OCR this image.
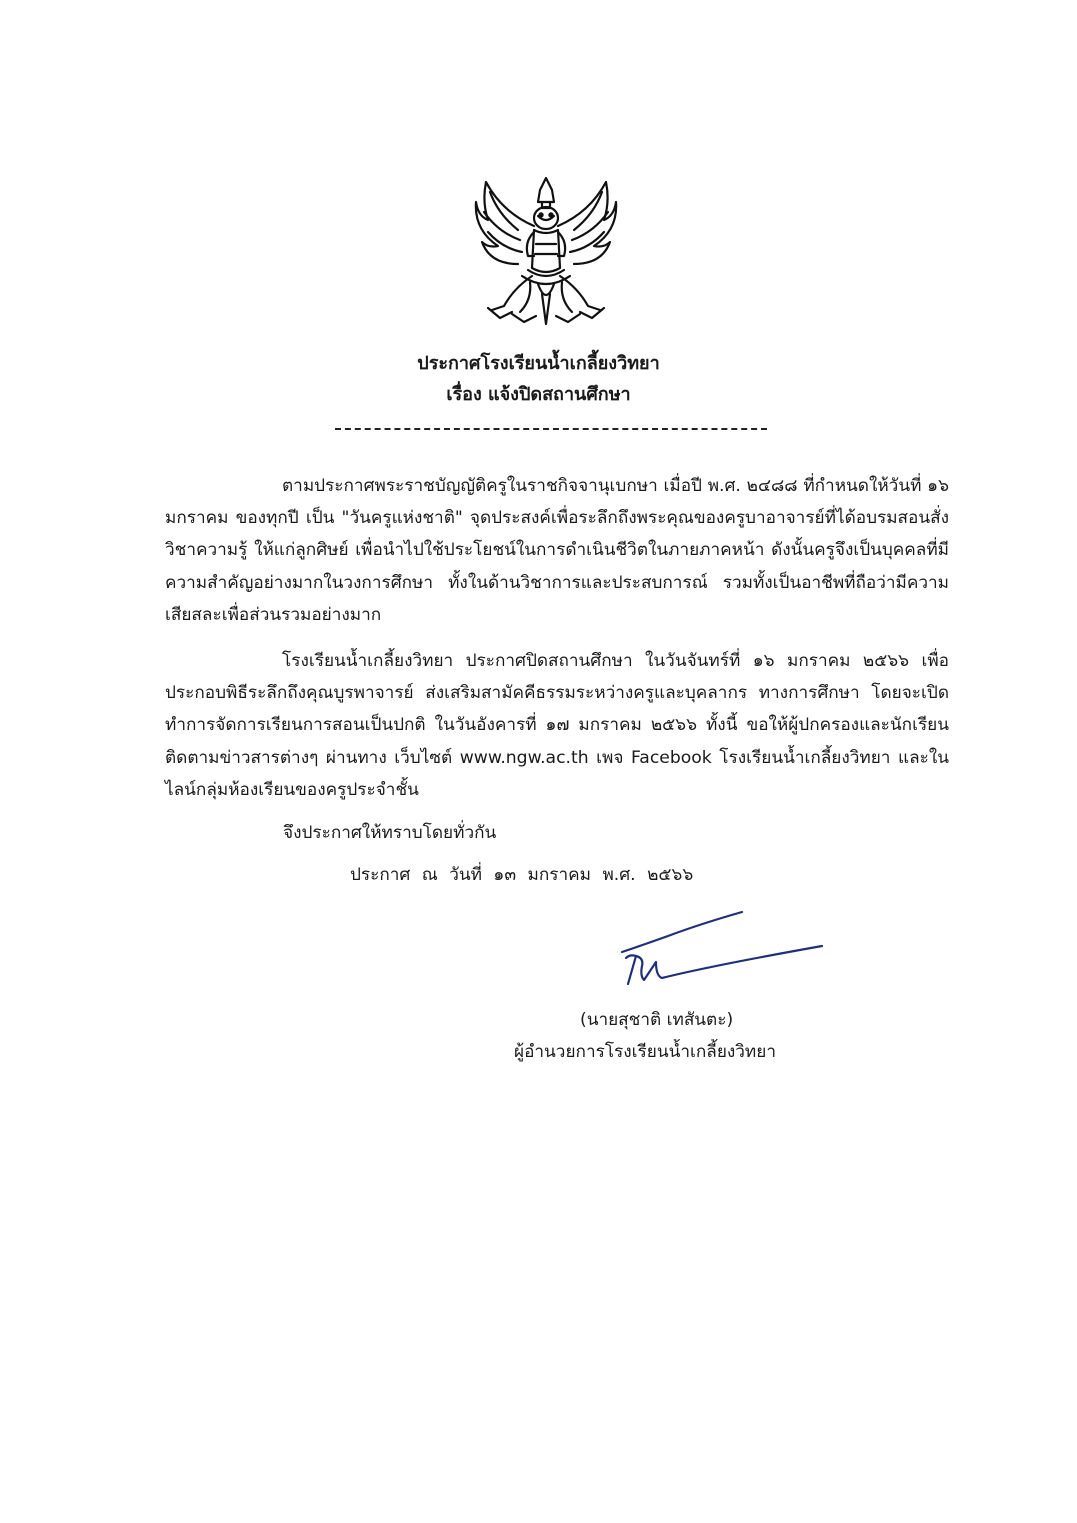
ประกาศโรงเรียนน้ำเกลี้ยงวิทยา
เรื่อง แจ้งปิดสถานศึกษา

ตามประกาศพระราชบัญญัติครูในราชกิจจานุเบกษา เมื่อปี พ.ศ. ๒๔๘๘ ที่กำหนดให้วันที่ ๑๖ มกราคม ของทุกปี เป็น "วันครูแห่งชาติ" จุดประสงค์เพื่อระลึกถึงพระคุณของครูบาอาจารย์ที่ได้อบรมสอนสั่ง วิชาความรู้ ให้แก่ลูกศิษย์ เพื่อนำไปใช้ประโยชน์ในการดำเนินชีวิตในภายภาคหน้า ดังนั้นครูจึงเป็นบุคคลที่มีความสำคัญอย่างมากในวงการศึกษา ทั้งในด้านวิชาการและประสบการณ์ รวมทั้งเป็นอาชีพที่ถือว่ามีความเสียสละเพื่อส่วนรวมอย่างมาก

โรงเรียนน้ำเกลี้ยงวิทยา ประกาศปิดสถานศึกษา ในวันจันทร์ที่ ๑๖ มกราคม ๒๕๖๖ เพื่อประกอบพิธีระลึกถึงคุณบูรพาจารย์ ส่งเสริมสามัคคีธรรมระหว่างครูและบุคลากร ทางการศึกษา โดยจะเปิดทำการจัดการเรียนการสอนเป็นปกติ ในวันอังคารที่ ๑๗ มกราคม ๒๕๖๖ ทั้งนี้ ขอให้ผู้ปกครองและนักเรียนติดตามข่าวสารต่างๆ ผ่านทาง เว็บไซต์ www.ngw.ac.th เพจ Facebook โรงเรียนน้ำเกลี้ยงวิทยา และในไลน์กลุ่มห้องเรียนของครูประจำชั้น

จึงประกาศให้ทราบโดยทั่วกัน
ประกาศ ณ วันที่ ๑๓ มกราคม พ.ศ. ๒๕๖๖
(นายสุชาติ เทสันตะ)
ผู้อำนวยการโรงเรียนน้ำเกลี้ยงวิทยา
